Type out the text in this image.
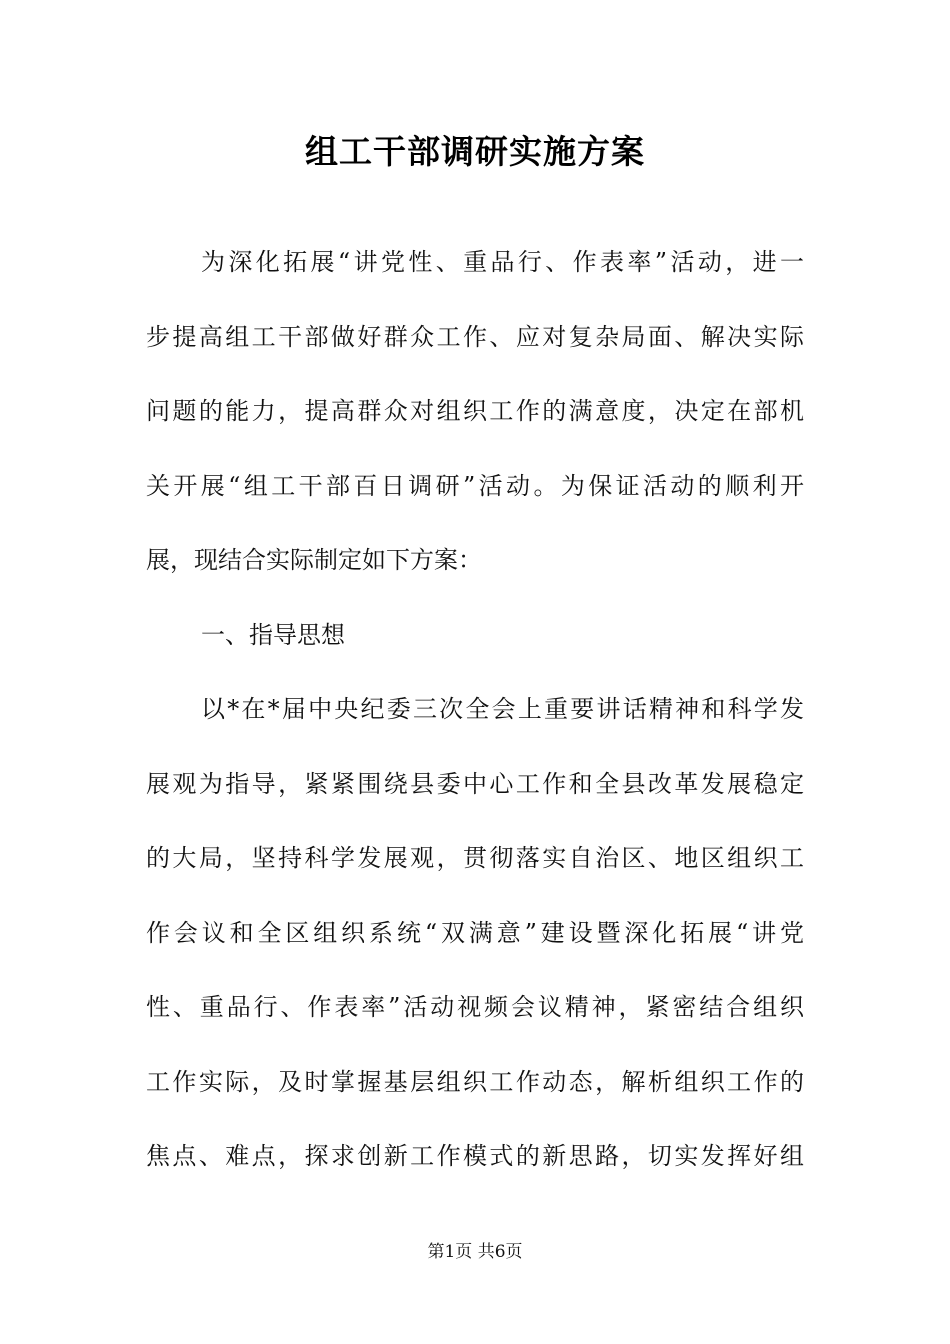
组工干部调研实施方案
为深化拓展“讲党性、重品行、作表率”活动，进一
步提高组工干部做好群众工作、应对复杂局面、解决实际
问题的能力，提高群众对组织工作的满意度，决定在部机
关开展“组工干部百日调研”活动。为保证活动的顺利开
展，现结合实际制定如下方案：
一、指导思想
以*在*届中央纪委三次全会上重要讲话精神和科学发
展观为指导，紧紧围绕县委中心工作和全县改革发展稳定
的大局，坚持科学发展观，贯彻落实自治区、地区组织工
作会议和全区组织系统“双满意”建设暨深化拓展“讲党
性、重品行、作表率”活动视频会议精神，紧密结合组织
工作实际，及时掌握基层组织工作动态，解析组织工作的
焦点、难点，探求创新工作模式的新思路，切实发挥好组
第1页 共6页
